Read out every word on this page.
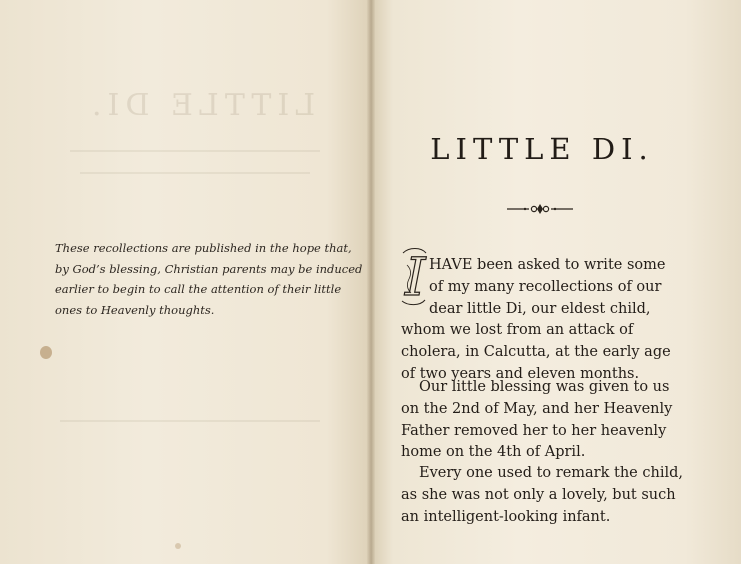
LITTLE DI.
These recollections are published in the hope that,
by God’s blessing, Christian parents may be induced
earlier to begin to call the attention of their little
ones to Heavenly thoughts.
LITTLE DI.
I HAVE been asked to write some
of my many recollections of our
dear little Di, our eldest child,
whom we lost from an attack of
cholera, in Calcutta, at the early age
of two years and eleven months.
Our little blessing was given to us
on the 2nd of May, and her Heavenly
Father removed her to her heavenly
home on the 4th of April.
Every one used to remark the child,
as she was not only a lovely, but such
an intelligent-looking infant.
